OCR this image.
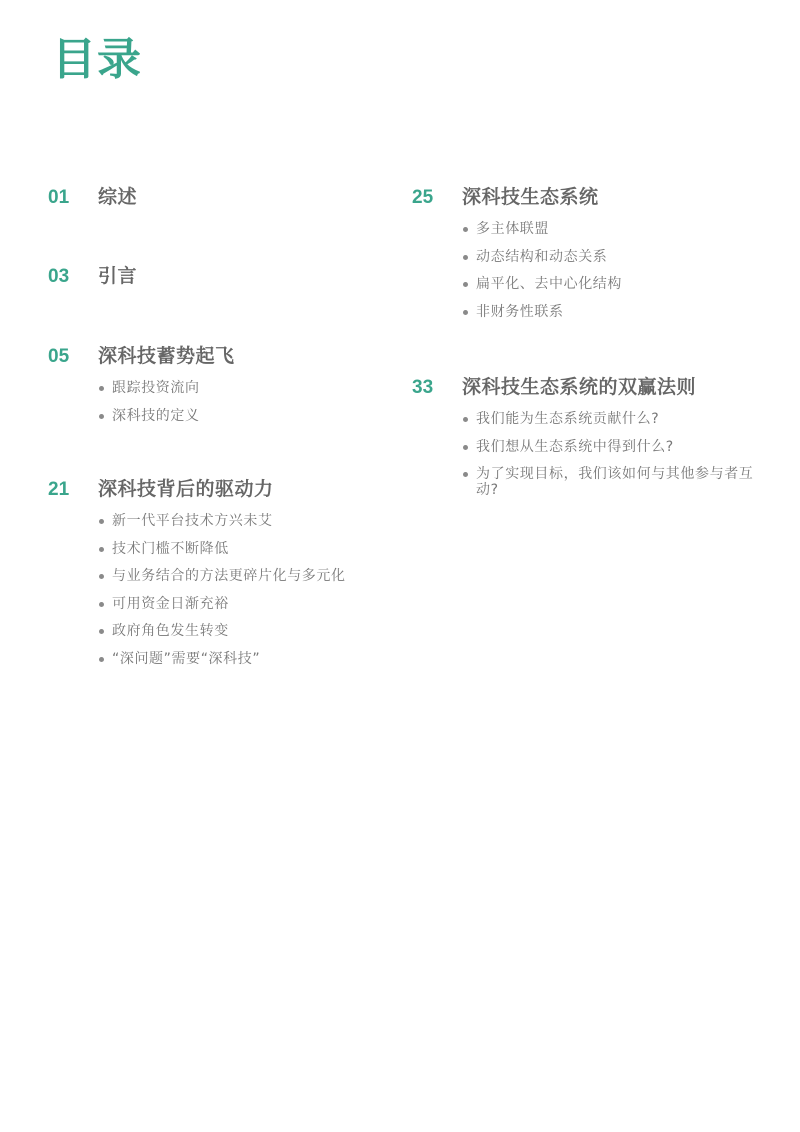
目录
01	综述
03	引言
05	深科技蓄势起飞
跟踪投资流向
深科技的定义
21	深科技背后的驱动力
新一代平台技术方兴未艾
技术门槛不断降低
与业务结合的方法更碎片化与多元化
可用资金日渐充裕
政府角色发生转变
“深问题”需要“深科技”
25	深科技生态系统
多主体联盟
动态结构和动态关系
扁平化、去中心化结构
非财务性联系
33	深科技生态系统的双赢法则
我们能为生态系统贡献什么?
我们想从生态系统中得到什么?
为了实现目标，我们该如何与其他参与者互动?
